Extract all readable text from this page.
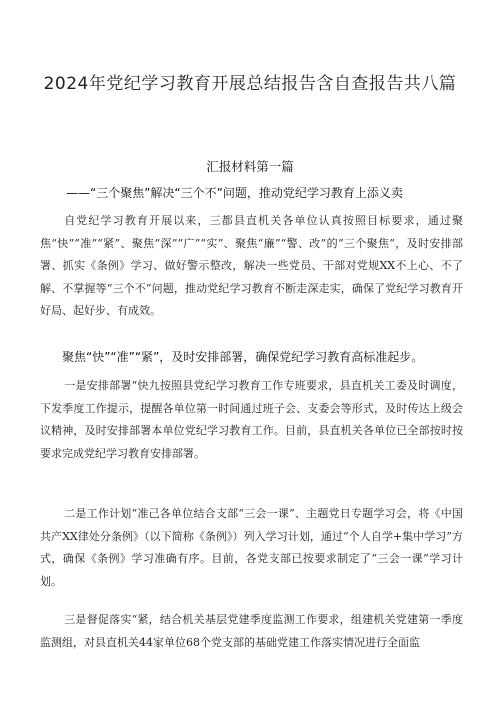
2024年党纪学习教育开展总结报告含自查报告共八篇
汇报材料第一篇
——“三个聚焦”解决“三个不”问题，推动党纪学习教育上添义卖

自党纪学习教育开展以来，三都县直机关各单位认真按照目标要求，通过聚焦“快”“准”“紧”、聚焦“深”“广”“实”、聚焦“廉”“警、改”的“三个聚焦“，及时安排部署、抓实《条例》学习、做好警示整改，解决一些党员、干部对党规XX不上心、不了解、不掌握等“三个不”问题，推动党纪学习教育不断走深走实，确保了党纪学习教育开好局、起好步、有成效。

聚焦“快”“准”“紧”，及时安排部署，确保党纪学习教育高标准起步。

一是安排部署“快九按照县党纪学习教育工作专班要求，县直机关工委及时调度，下发季度工作提示，提醒各单位第一时间通过班子会、支委会等形式，及时传达上级会议精神，及时安排部署本单位党纪学习教育工作。目前，县直机关各单位已全部按时按要求完成党纪学习教育安排部署。

二是工作计划“准己各单位结合支部“三会一课”、主题党日专题学习会，将《中国共产XX律处分条例》（以下简称《条例》）列入学习计划，通过“个人自学+集中学习”方式，确保《条例》学习准确有序。目前，各党支部已按要求制定了“三会一课”学习计划。

三是督促落实“紧，结合机关基层党建季度监测工作要求，组建机关党建第一季度监测组，对县直机关44家单位68个党支部的基础党建工作落实情况进行全面监
